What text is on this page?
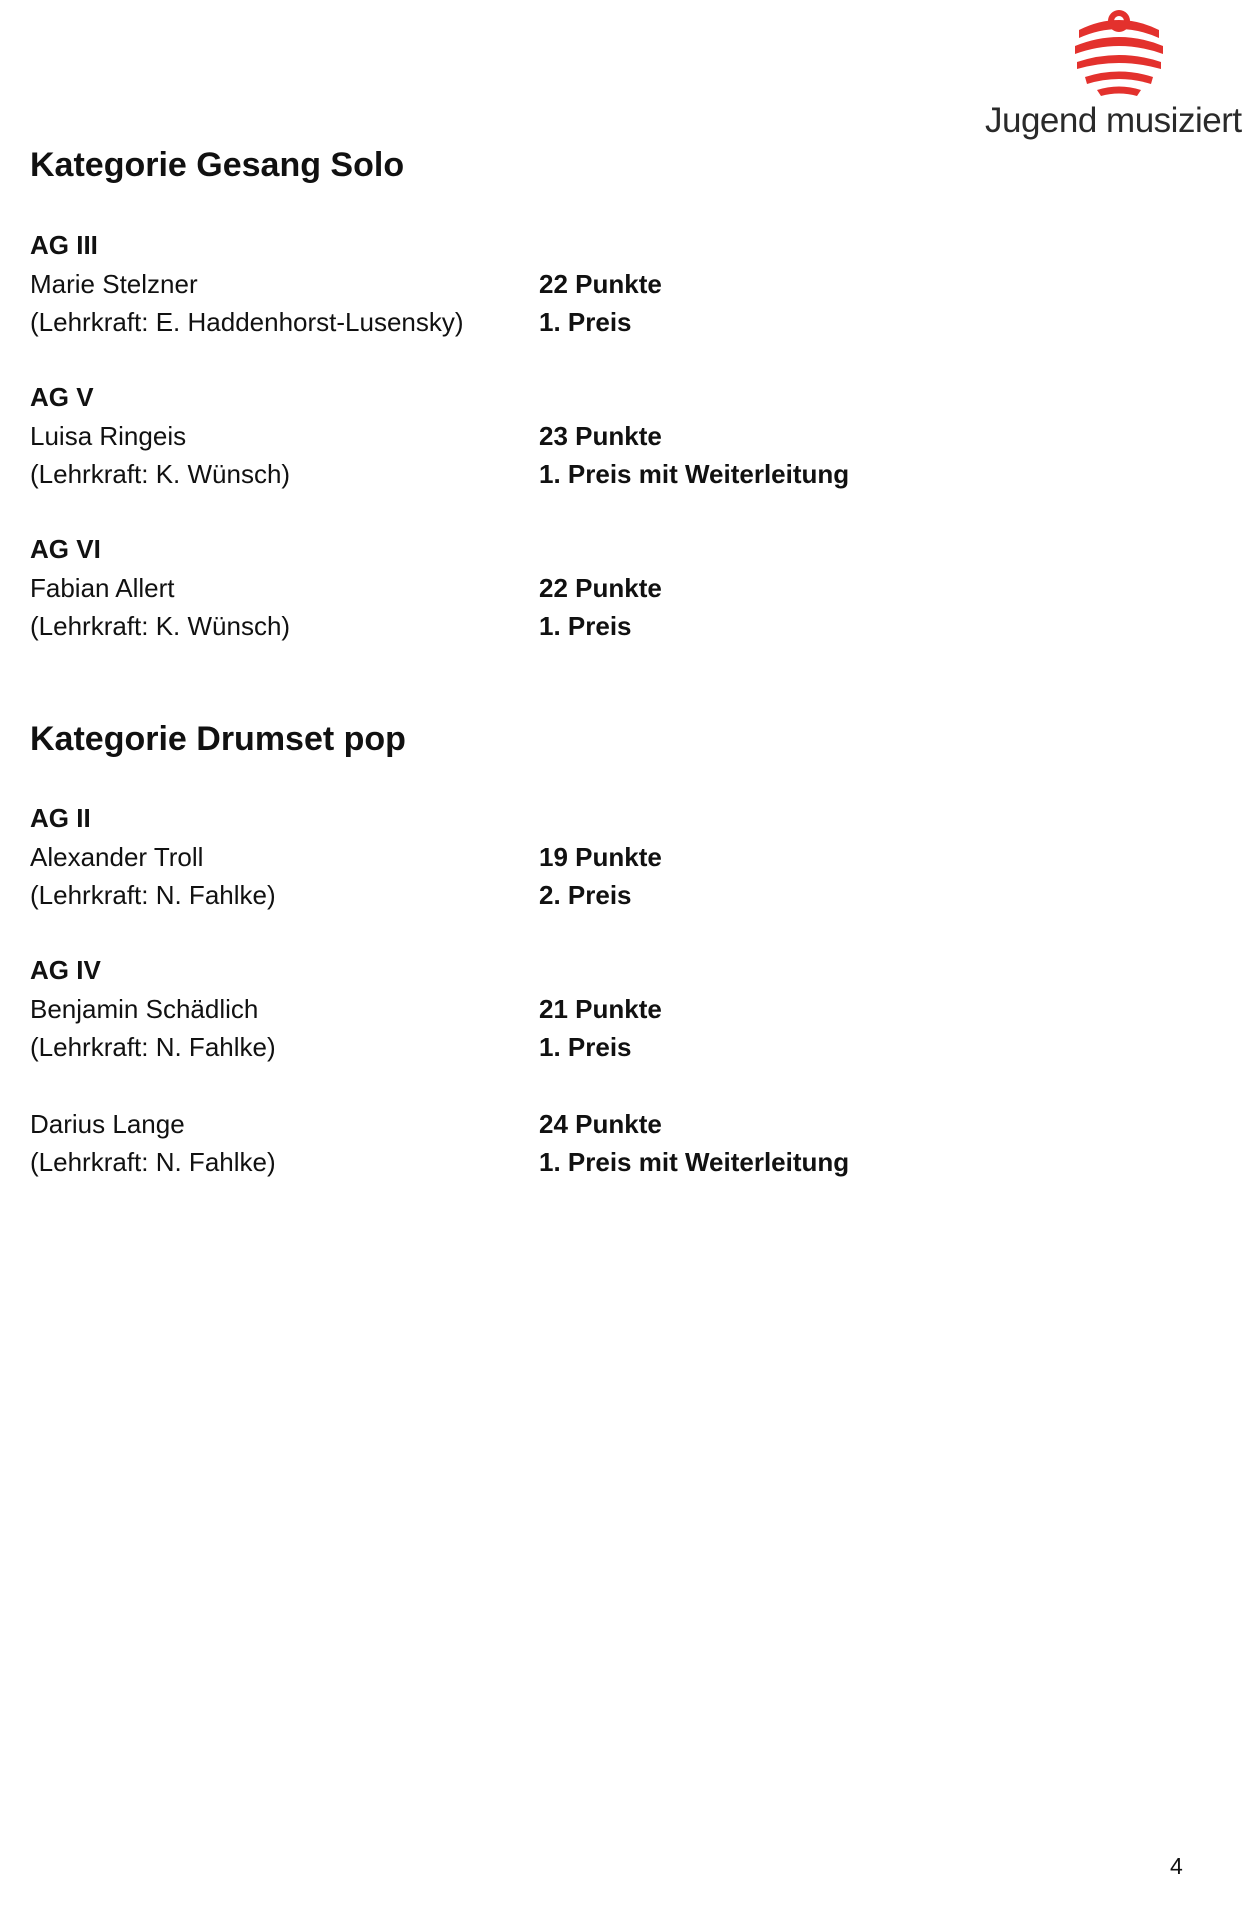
Jugend musiziert
Kategorie Gesang Solo
AG III
Marie Stelzner
(Lehrkraft: E. Haddenhorst-Lusensky)
22 Punkte
1. Preis
AG V
Luisa Ringeis
(Lehrkraft: K. Wünsch)
23 Punkte
1. Preis mit Weiterleitung
AG VI
Fabian Allert
(Lehrkraft: K. Wünsch)
22 Punkte
1. Preis
Kategorie Drumset pop
AG II
Alexander Troll
(Lehrkraft: N. Fahlke)
19 Punkte
2. Preis
AG IV
Benjamin Schädlich
(Lehrkraft: N. Fahlke)
21 Punkte
1. Preis
Darius Lange
(Lehrkraft: N. Fahlke)
24 Punkte
1. Preis mit Weiterleitung
4
